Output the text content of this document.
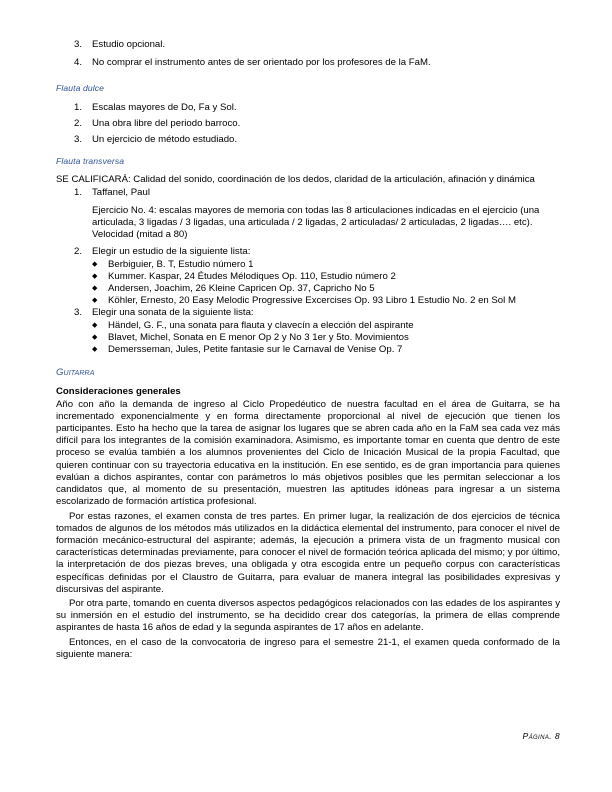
3. Estudio opcional.
4. No comprar el instrumento antes de ser orientado por los profesores de la FaM.
Flauta dulce
1. Escalas mayores de Do, Fa y Sol.
2. Una obra libre del periodo barroco.
3. Un ejercicio de método estudiado.
Flauta transversa
SE CALIFICARÁ: Calidad del sonido, coordinación de los dedos, claridad de la articulación, afinación y dinámica
1. Taffanel, Paul
Ejercicio No. 4: escalas mayores de memoria con todas las 8 articulaciones indicadas en el ejercicio (una articulada, 3 ligadas / 3 ligadas, una articulada / 2 ligadas, 2 articuladas/ 2 articuladas, 2 ligadas…. etc). Velocidad (mitad a 80)
2. Elegir un estudio de la siguiente lista:
◆ Berbiguier, B. T, Estudio número 1
◆ Kummer. Kaspar, 24 Études Mélodiques Op. 110, Estudio número 2
◆ Andersen, Joachim, 26 Kleine Capricen Op. 37, Capricho No 5
◆ Köhler, Ernesto, 20 Easy Melodic Progressive Excercises Op. 93 Libro 1 Estudio No. 2 en Sol M
3. Elegir una sonata de la siguiente lista:
◆ Händel, G. F., una sonata para flauta y clavecín a elección del aspirante
◆ Blavet, Michel, Sonata en E menor Op 2 y No 3 1er y 5to. Movimientos
◆ Demersseman, Jules, Petite fantasie sur le Carnaval de Venise Op. 7
Guitarra
Consideraciones generales

Año con año la demanda de ingreso al Ciclo Propedéutico de nuestra facultad en el área de Guitarra, se ha incrementado exponencialmente y en forma directamente proporcional al nivel de ejecución que tienen los participantes. Esto ha hecho que la tarea de asignar los lugares que se abren cada año en la FaM sea cada vez más difícil para los integrantes de la comisión examinadora. Asimismo, es importante tomar en cuenta que dentro de este proceso se evalúa también a los alumnos provenientes del Ciclo de Inicación Musical de la propia Facultad, que quieren continuar con su trayectoria educativa en la institución. En ese sentido, es de gran importancia para quienes evalúan a dichos aspirantes, contar con parámetros lo más objetivos posibles que les permitan seleccionar a los candidatos que, al momento de su presentación, muestren las aptitudes idóneas para ingresar a un sistema escolarizado de formación artística profesional.

Por estas razones, el examen consta de tres partes. En primer lugar, la realización de dos ejercicios de técnica tomados de algunos de los métodos más utilizados en la didáctica elemental del instrumento, para conocer el nivel de formación mecánico-estructural del aspirante; además, la ejecución a primera vista de un fragmento musical con características determinadas previamente, para conocer el nivel de formación teórica aplicada del mismo; y por último, la interpretación de dos piezas breves, una obligada y otra escogida entre un pequeño corpus con características específicas definidas por el Claustro de Guitarra, para evaluar de manera integral las posibilidades expresivas y discursivas del aspirante.

Por otra parte, tomando en cuenta diversos aspectos pedagógicos relacionados con las edades de los aspirantes y su inmersión en el estudio del instrumento, se ha decidido crear dos categorías, la primera de ellas comprende aspirantes de hasta 16 años de edad y la segunda aspirantes de 17 años en adelante.

Entonces, en el caso de la convocatoria de ingreso para el semestre 21-1, el examen queda conformado de la siguiente manera:

Página. 8
